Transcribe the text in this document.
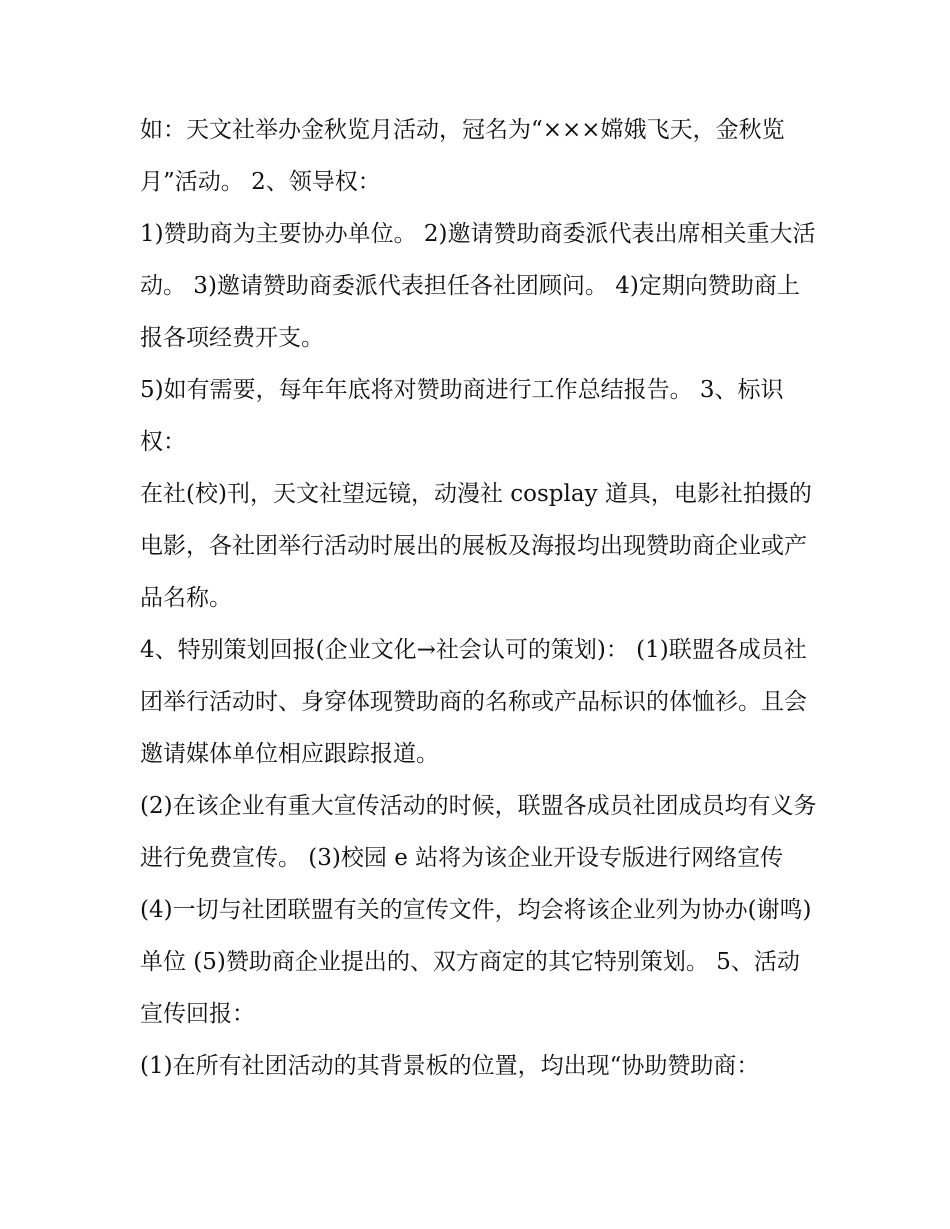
如：天文社举办金秋览月活动，冠名为“×××嫦娥飞天，金秋览月”活动。 2、领导权：

1)赞助商为主要协办单位。 2)邀请赞助商委派代表出席相关重大活动。 3)邀请赞助商委派代表担任各社团顾问。 4)定期向赞助商上报各项经费开支。

5)如有需要，每年年底将对赞助商进行工作总结报告。 3、标识权：

在社(校)刊，天文社望远镜，动漫社 cosplay 道具，电影社拍摄的电影，各社团举行活动时展出的展板及海报均出现赞助商企业或产品名称。

4、特别策划回报(企业文化→社会认可的策划)： (1)联盟各成员社团举行活动时、身穿体现赞助商的名称或产品标识的体恤衫。且会邀请媒体单位相应跟踪报道。

(2)在该企业有重大宣传活动的时候，联盟各成员社团成员均有义务进行免费宣传。 (3)校园 e 站将为该企业开设专版进行网络宣传

(4)一切与社团联盟有关的宣传文件，均会将该企业列为协办(谢鸣)单位 (5)赞助商企业提出的、双方商定的其它特别策划。 5、活动宣传回报：

(1)在所有社团活动的其背景板的位置，均出现“协助赞助商：
